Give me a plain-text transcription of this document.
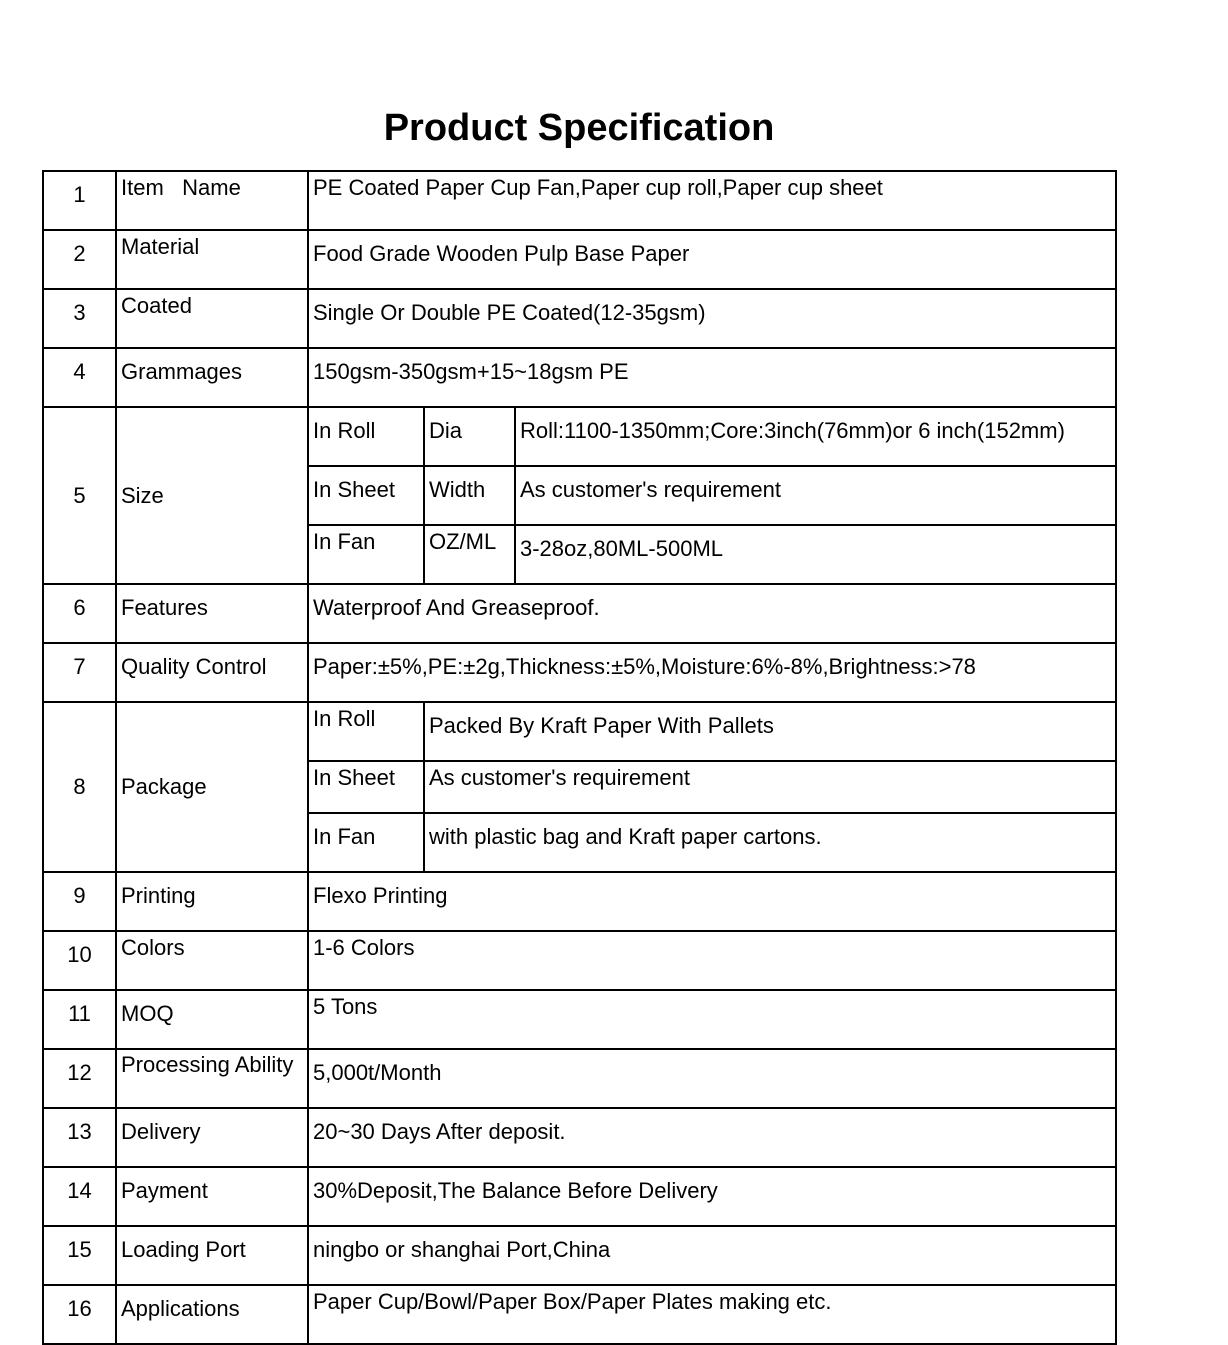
Product Specification
1	Item   Name	PE Coated Paper Cup Fan,Paper cup roll,Paper cup sheet		
2	Material	Food Grade Wooden Pulp Base Paper		
3	Coated	Single Or Double PE Coated(12-35gsm)		
4	Grammages	150gsm-350gsm+15~18gsm PE		
5	Size	In Roll	Dia	Roll:1100-1350mm;Core:3inch(76mm)or 6 inch(152mm)
		In Sheet	Width	As customer's requirement
		In Fan	OZ/ML	3-28oz,80ML-500ML
6	Features	Waterproof And Greaseproof.		
7	Quality Control	Paper:±5%,PE:±2g,Thickness:±5%,Moisture:6%-8%,Brightness:>78		
8	Package	In Roll	Packed By Kraft Paper With Pallets	
		In Sheet	As customer's requirement	
		In Fan	with plastic bag and Kraft paper cartons.	
9	Printing	Flexo Printing		
10	Colors	1-6 Colors		
11	MOQ	5 Tons		
12	Processing Ability	5,000t/Month		
13	Delivery	20~30 Days After deposit.		
14	Payment	30%Deposit,The Balance Before Delivery		
15	Loading Port	ningbo or shanghai Port,China		
16	Applications	Paper Cup/Bowl/Paper Box/Paper Plates making etc.		
